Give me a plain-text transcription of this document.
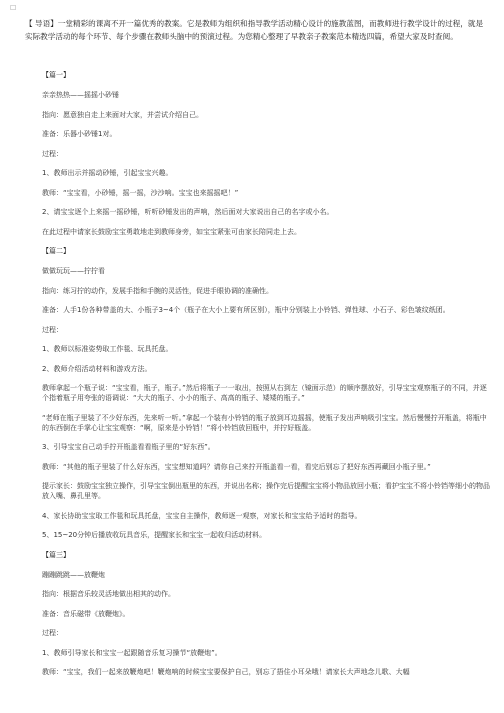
☐
【 导语】一堂精彩的课离不开一篇优秀的教案。它是教师为组织和指导教学活动精心设计的施教蓝图，而教师进行教学设计的过程，就是实际教学活动的每个环节、每个步骤在教师头脑中的预演过程。为您精心整理了早教亲子教案范本精选四篇，希望大家及时查阅。

【篇一】

亲亲热热——摇摇小砂锤

指向：愿意独自走上来面对大家，并尝试介绍自己。

准备：乐器小砂锤1对。

过程：

1、教师出示并摇动砂锤，引起宝宝兴趣。

教师：“宝宝看，小砂锤，摇一摇，沙沙响。宝宝也来摇摇吧！”

2、请宝宝逐个上来摇一摇砂锤，听听砂锤发出的声响，然后面对大家说出自己的名字或小名。

在此过程中请家长鼓励宝宝勇敢地走到教师身旁，如宝宝紧张可由家长陪同走上去。

【篇二】

做做玩玩——拧拧看

指向：练习拧的动作，发展手指和手腕的灵活性，促进手眼协调的准确性。

准备：人手1份各种带盖的大、小瓶子3~4个（瓶子在大小上要有所区别），瓶中分别装上小铃铛、弹性球、小石子、彩色皱纹纸团。

过程：

1、教师以标准姿势取工作毯、玩具托盘。

2、教师介绍活动材料和游戏方法。

教师拿起一个瓶子说：“宝宝看，瓶子，瓶子。”然后将瓶子一一取出，按照从右到左（镜面示范）的顺序摆放好，引导宝宝观察瓶子的不同，并逐个指着瓶子用夸张的语调说：“大大的瓶子、小小的瓶子、高高的瓶子、矮矮的瓶子。”

“老师在瓶子里装了不少好东西，先来听一听。”拿起一个装有小铃铛的瓶子放到耳边摇摇，使瓶子发出声响吸引宝宝。然后慢慢拧开瓶盖，将瓶中的东西倒在手掌心让宝宝观察：“啊，原来是小铃铛！”将小铃铛放回瓶中，并拧好瓶盖。

3、引导宝宝自己动手拧开瓶盖看看瓶子里的“好东西”。

教师：“其他的瓶子里装了什么好东西，宝宝想知道吗？请你自己来拧开瓶盖看一看，看完后别忘了把好东西再藏回小瓶子里。”

提示家长：鼓励宝宝独立操作，引导宝宝倒出瓶里的东西，并说出名称；操作完后提醒宝宝将小物品放回小瓶；看护宝宝不将小铃铛等细小的物品放入嘴、鼻孔里等。

4、家长协助宝宝取工作毯和玩具托盘，宝宝自主操作，教师逐一观察，对家长和宝宝给予适时的指导。

5、15~20分钟后播放收玩具音乐，提醒家长和宝宝一起收归活动材料。

【篇三】

蹦蹦跳跳——放鞭炮

指向：根据音乐较灵活地做出相其的动作。

准备：音乐磁带《放鞭炮》。

过程：

1、教师引导家长和宝宝一起跟随音乐复习操节“放鞭炮”。

教师：“宝宝，我们一起来放鞭炮吧！鞭炮响的时候宝宝要保护自己，别忘了捂住小耳朵哦！请家长大声地念儿歌、大幅
